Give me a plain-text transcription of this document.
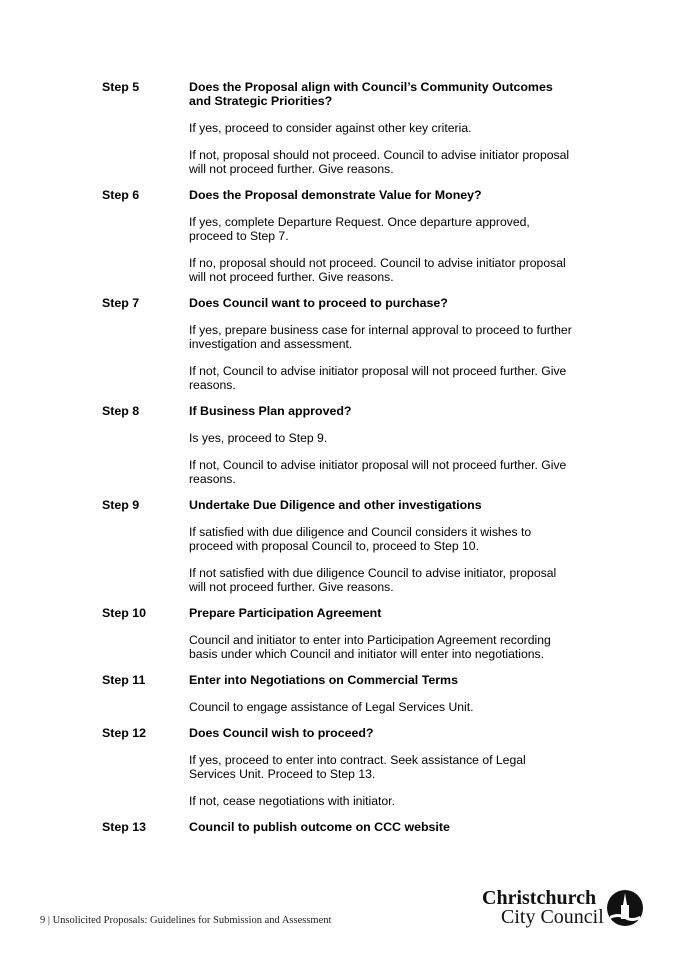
Step 5	Does the Proposal align with Council’s Community Outcomes and Strategic Priorities?
If yes, proceed to consider against other key criteria.
If not, proposal should not proceed. Council to advise initiator proposal will not proceed further. Give reasons.
Step 6	Does the Proposal demonstrate Value for Money?
If yes, complete Departure Request. Once departure approved, proceed to Step 7.
If no, proposal should not proceed. Council to advise initiator proposal will not proceed further. Give reasons.
Step 7	Does Council want to proceed to purchase?
If yes, prepare business case for internal approval to proceed to further investigation and assessment.
If not, Council to advise initiator proposal will not proceed further. Give reasons.
Step 8	If Business Plan approved?
Is yes, proceed to Step 9.
If not, Council to advise initiator proposal will not proceed further. Give reasons.
Step 9	Undertake Due Diligence and other investigations
If satisfied with due diligence and Council considers it wishes to proceed with proposal Council to, proceed to Step 10.
If not satisfied with due diligence Council to advise initiator, proposal will not proceed further. Give reasons.
Step 10	Prepare Participation Agreement
Council and initiator to enter into Participation Agreement recording basis under which Council and initiator will enter into negotiations.
Step 11	Enter into Negotiations on Commercial Terms
Council to engage assistance of Legal Services Unit.
Step 12	Does Council wish to proceed?
If yes, proceed to enter into contract. Seek assistance of Legal Services Unit. Proceed to Step 13.
If not, cease negotiations with initiator.
Step 13	Council to publish outcome on CCC website
9 | Unsolicited Proposals: Guidelines for Submission and Assessment
Christchurch
City Council
